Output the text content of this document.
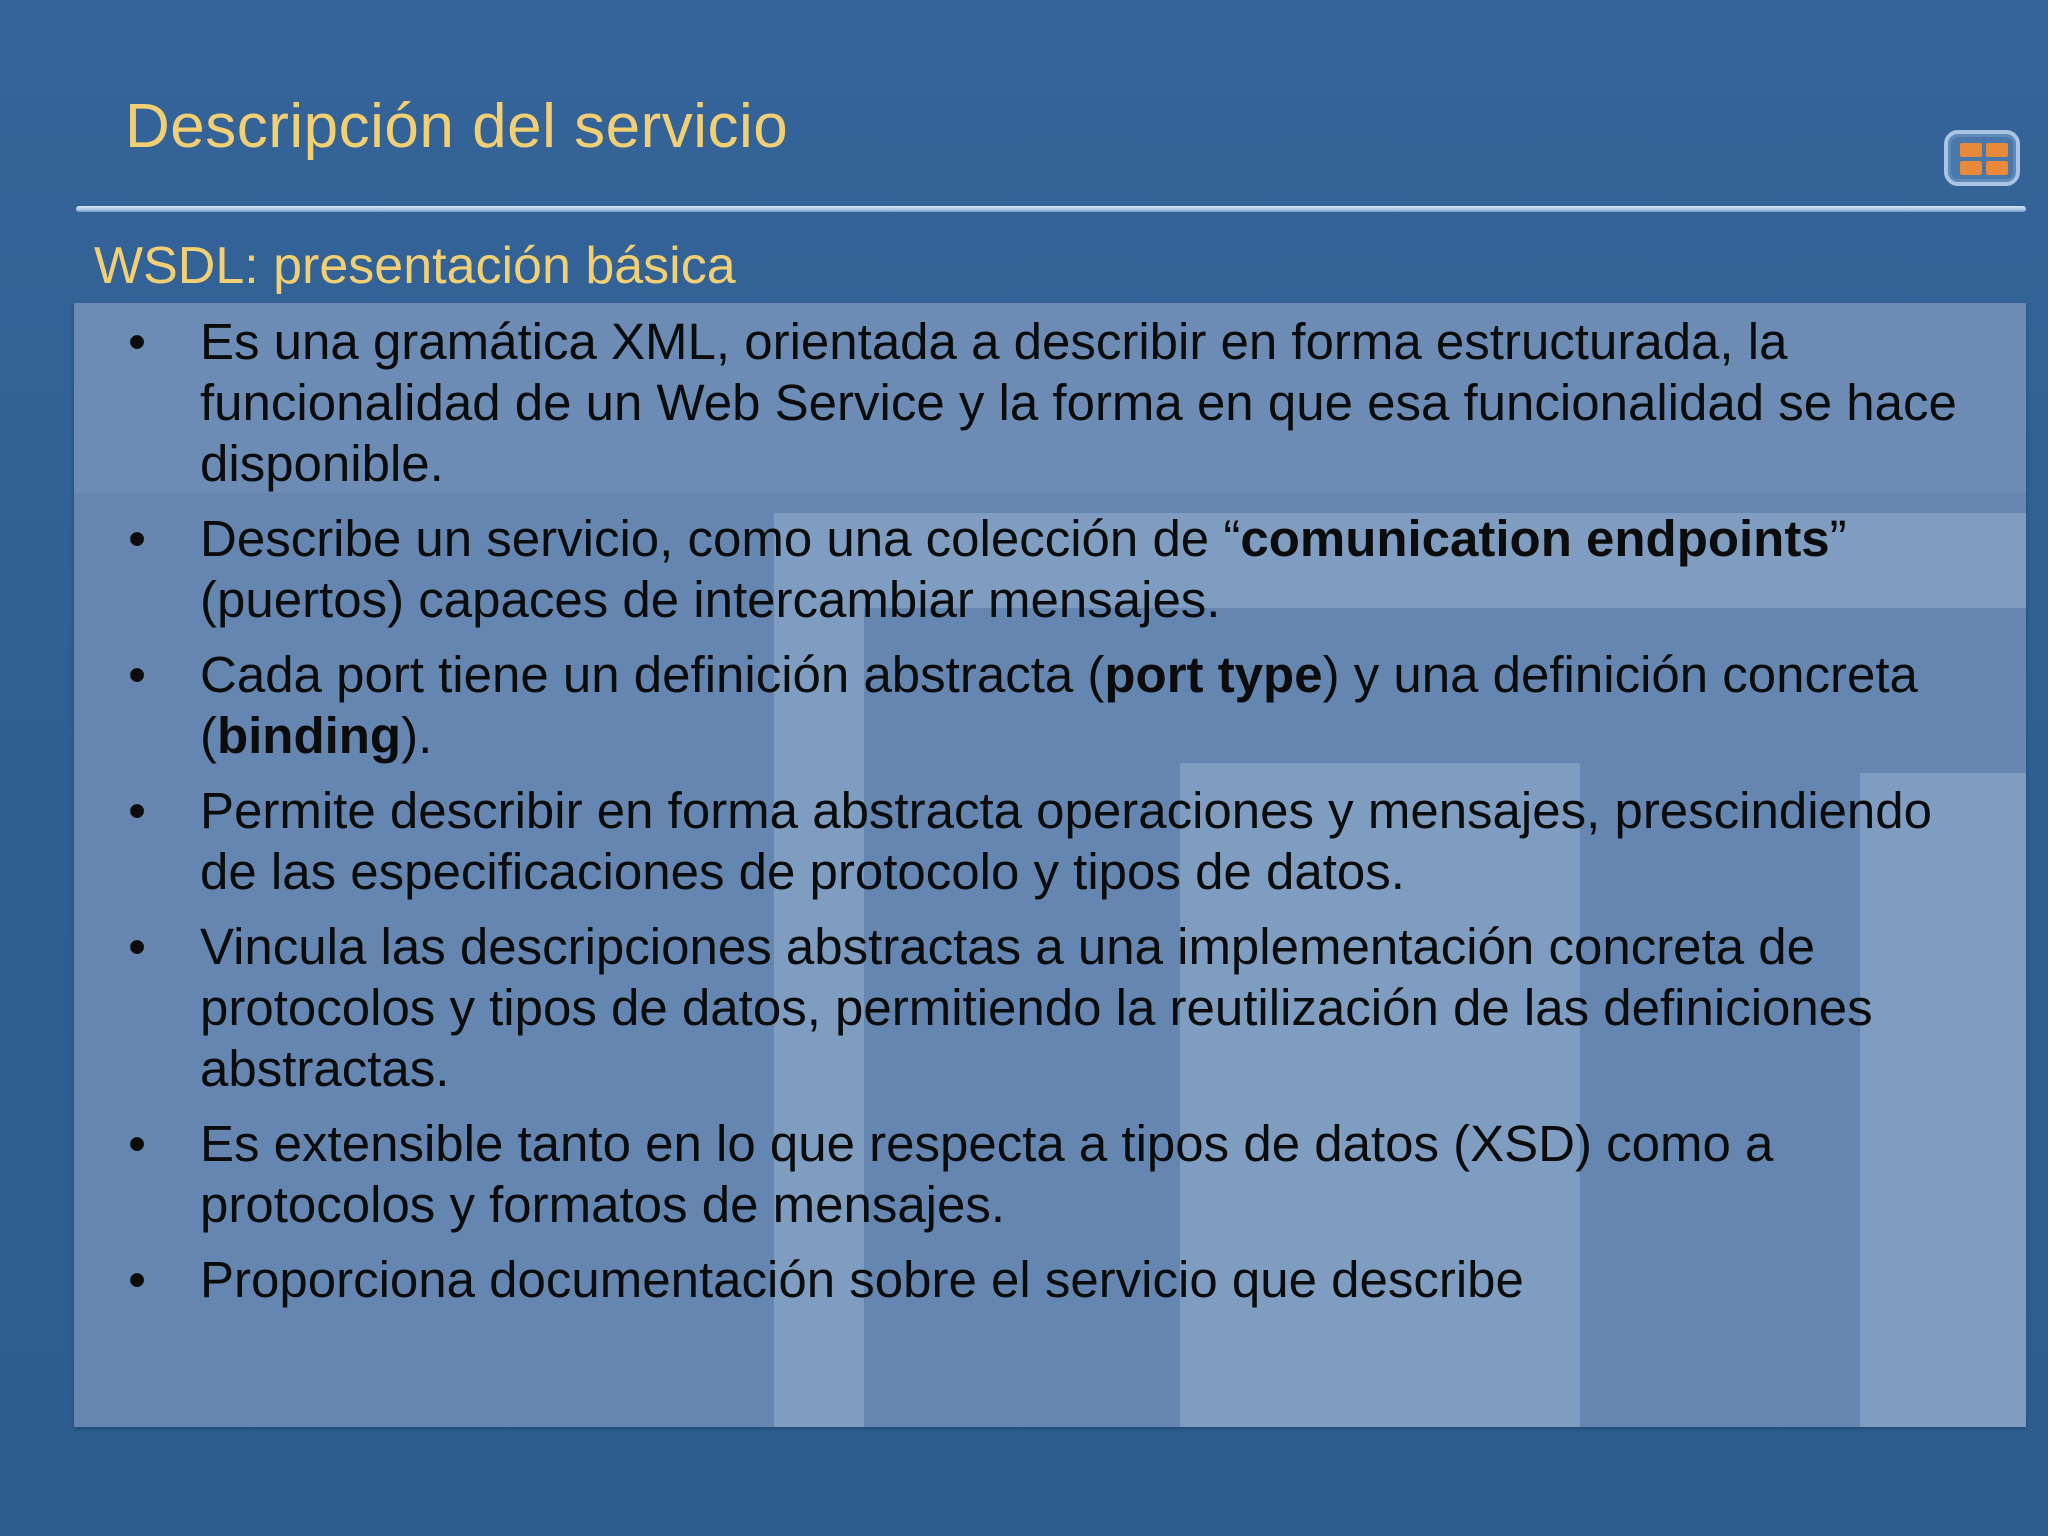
Descripción del servicio
WSDL: presentación básica
• Es una gramática XML, orientada a describir en forma estructurada, la funcionalidad de un Web Service y la forma en que esa funcionalidad se hace disponible.
• Describe un servicio, como una colección de “comunication endpoints” (puertos) capaces de intercambiar mensajes.
• Cada port tiene un definición abstracta (port type) y una definición concreta (binding).
• Permite describir en forma abstracta operaciones y mensajes, prescindiendo de las especificaciones de protocolo y tipos de datos.
• Vincula las descripciones abstractas a una implementación concreta de protocolos y tipos de datos, permitiendo la reutilización de las definiciones abstractas.
• Es extensible tanto en lo que respecta a tipos de datos (XSD) como a protocolos y formatos de mensajes.
• Proporciona documentación sobre el servicio que describe
